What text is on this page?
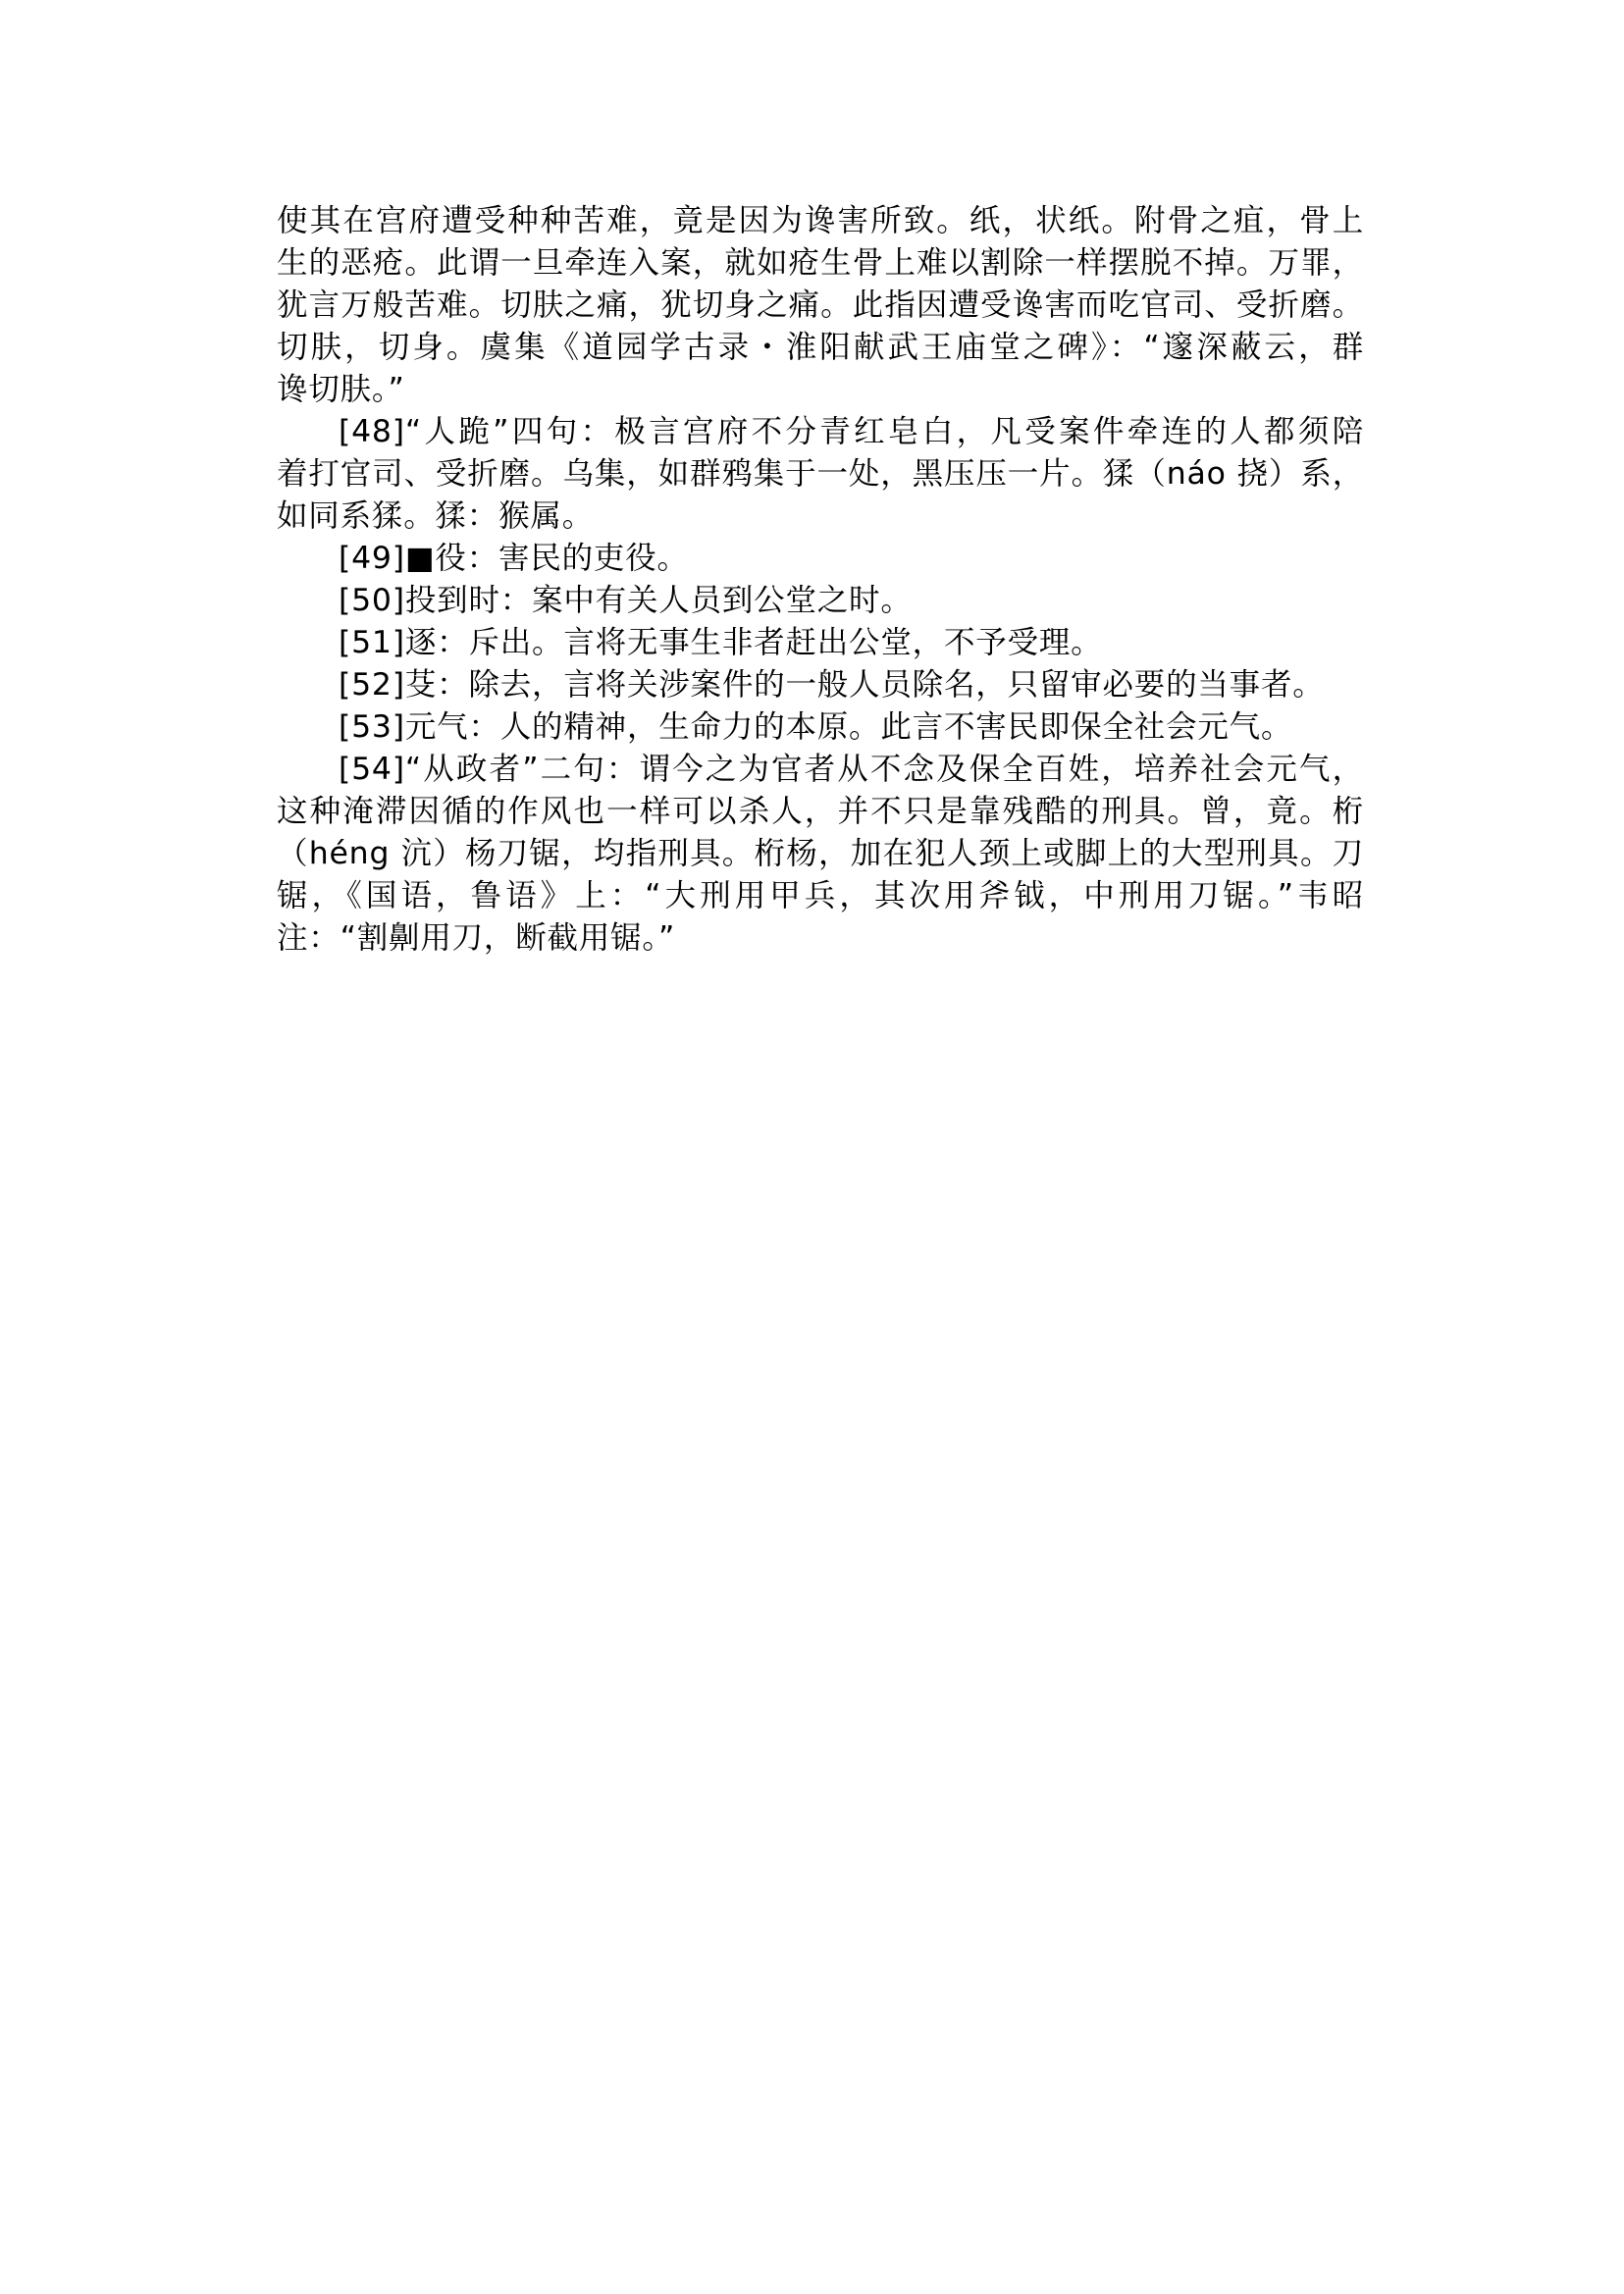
使其在宫府遭受种种苦难，竟是因为谗害所致。纸，状纸。附骨之疽，骨上
生的恶疮。此谓一旦牵连入案，就如疮生骨上难以割除一样摆脱不掉。万罪，
犹言万般苦难。切肤之痛，犹切身之痛。此指因遭受谗害而吃官司、受折磨。
切肤，切身。虞集《道园学古录・淮阳献武王庙堂之碑》：“邃深蔽云，群
谗切肤。”

[48]“人跪”四句：极言宫府不分青红皂白，凡受案件牵连的人都须陪
着打官司、受折磨。乌集，如群鸦集于一处，黑压压一片。猱（náo 挠）系，
如同系猱。猱：猴属。

[49]■役：害民的吏役。

[50]投到时：案中有关人员到公堂之时。

[51]逐：斥出。言将无事生非者赶出公堂，不予受理。

[52]芟：除去，言将关涉案件的一般人员除名，只留审必要的当事者。

[53]元气：人的精神，生命力的本原。此言不害民即保全社会元气。

[54]“从政者”二句：谓今之为官者从不念及保全百姓，培养社会元气，
这种淹滞因循的作风也一样可以杀人，并不只是靠残酷的刑具。曾，竟。桁
（héng 沆）杨刀锯，均指刑具。桁杨，加在犯人颈上或脚上的大型刑具。刀
锯，《国语，鲁语》上：“大刑用甲兵，其次用斧钺，中刑用刀锯。”韦昭
注：“割劓用刀，断截用锯。”
